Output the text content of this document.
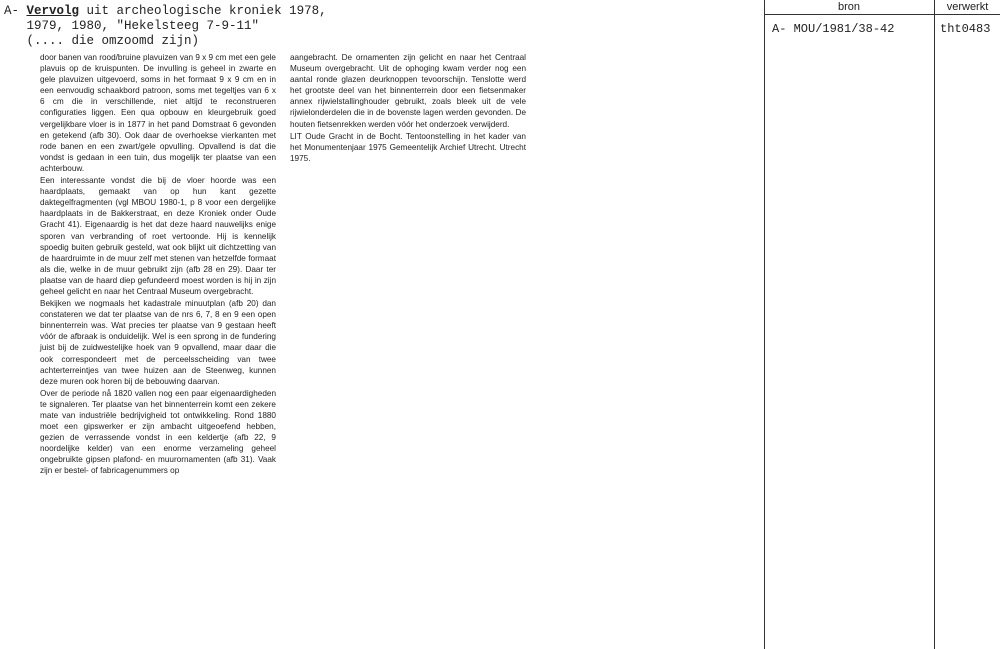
A- Vervolg uit archeologische kroniek 1978,
1979, 1980, "Hekelsteeg 7-9-11"
(.... die omzoomd zijn)

door banen van rood/bruine plavuizen van 9 x 9 cm met een gele plavuis op de kruispunten. De invulling is geheel in zwarte en gele plavuizen uitgevoerd, soms in het formaat 9 x 9 cm en in een eenvoudig schaakbord patroon, soms met tegeltjes van 6 x 6 cm die in verschillende, niet altijd te reconstrueren configuraties liggen. Een qua opbouw en kleurgebruik goed vergelijkbare vloer is in 1877 in het pand Domstraat 6 gevonden en getekend (afb 30). Ook daar de overhoekse vierkanten met rode banen en een zwart/gele opvulling. Opvallend is dat die vondst is gedaan in een tuin, dus mogelijk ter plaatse van een achterbouw.

Een interessante vondst die bij de vloer hoorde was een haardplaats, gemaakt van op hun kant gezette daktegelfragmenten (vgl MBOU 1980-1, p 8 voor een dergelijke haardplaats in de Bakkerstraat, en deze Kroniek onder Oude Gracht 41). Eigenaardig is het dat deze haard nauwelijks enige sporen van verbranding of roet vertoonde. Hij is kennelijk spoedig buiten gebruik gesteld, wat ook blijkt uit dichtzetting van de haardruimte in de muur zelf met stenen van hetzelfde formaat als die, welke in de muur gebruikt zijn (afb 28 en 29). Daar ter plaatse van de haard diep gefundeerd moest worden is hij in zijn geheel gelicht en naar het Centraal Museum overgebracht.

Bekijken we nogmaals het kadastrale minuutplan (afb 20) dan constateren we dat ter plaatse van de nrs 6, 7, 8 en 9 een open binnenterrein was. Wat precies ter plaatse van 9 gestaan heeft vóór de afbraak is onduidelijk. Wel is een sprong in de fundering juist bij de zuidwestelijke hoek van 9 opvallend, maar daar die ook correspondeert met de perceelsscheiding van twee achterterreintjes van twee huizen aan de Steenweg, kunnen deze muren ook horen bij de bebouwing daarvan.

Over de periode nå 1820 vallen nog een paar eigenaardigheden te signaleren. Ter plaatse van het binnenterrein komt een zekere mate van industriële bedrijvigheid tot ontwikkeling. Rond 1880 moet een gipswerker er zijn ambacht uitgeoefend hebben, gezien de verrassende vondst in een keldertje (afb 22, 9 noordelijke kelder) van een enorme verzameling geheel ongebruikte gipsen plafond- en muurornamenten (afb 31). Vaak zijn er bestel- of fabricagenummers op

aangebracht. De ornamenten zijn gelicht en naar het Centraal Museum overgebracht. Uit de ophoging kwam verder nog een aantal ronde glazen deurknoppen tevoorschijn. Tenslotte werd het grootste deel van het binnenterrein door een fietsenmaker annex rijwielstallinghouder gebruikt, zoals bleek uit de vele rijwielonderdelen die in de bovenste lagen werden gevonden. De houten fietsenrekken werden vóór het onderzoek verwijderd.

LIT Oude Gracht in de Bocht. Tentoonstelling in het kader van het Monumentenjaar 1975 Gemeentelijk Archief Utrecht. Utrecht 1975.

bron	verwerkt
A- MOU/1981/38-42	tht0483
